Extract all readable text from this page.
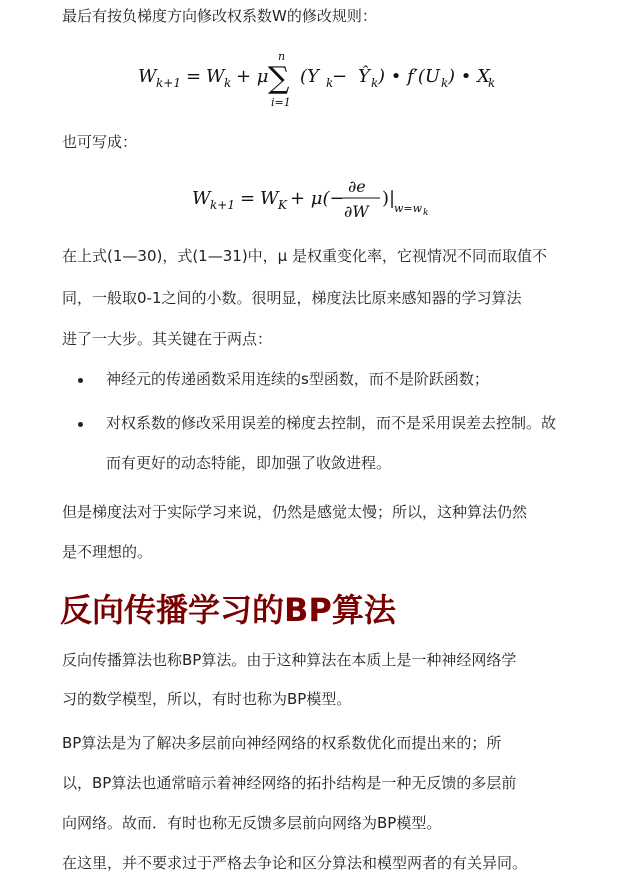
最后有按负梯度方向修改权系数W的修改规则：

W k+1 = W k + μ
n
∑
i=1
(Y k
− Ŷ k ) • f′(U k ) • X
k

也可写成：

W k+1 = W K + μ(−
∂e
∂W
)|
w=w k

在上式(1—30)，式(1—31)中，μ 是权重变化率，它视情况不同而取值不

同，一般取0-1之间的小数。很明显，梯度法比原来感知器的学习算法

进了一大步。其关键在于两点：

神经元的传递函数采用连续的s型函数，而不是阶跃函数；

对权系数的修改采用误差的梯度去控制，而不是采用误差去控制。故

而有更好的动态特能，即加强了收敛进程。

但是梯度法对于实际学习来说，仍然是感觉太慢；所以，这种算法仍然

是不理想的。

反向传播学习的BP算法

反向传播算法也称BP算法。由于这种算法在本质上是一种神经网络学

习的数学模型，所以，有时也称为BP模型。

BP算法是为了解决多层前向神经网络的权系数优化而提出来的；所

以，BP算法也通常暗示着神经网络的拓扑结构是一种无反馈的多层前

向网络。故而．有时也称无反馈多层前向网络为BP模型。

在这里，并不要求过于严格去争论和区分算法和模型两者的有关异同。
